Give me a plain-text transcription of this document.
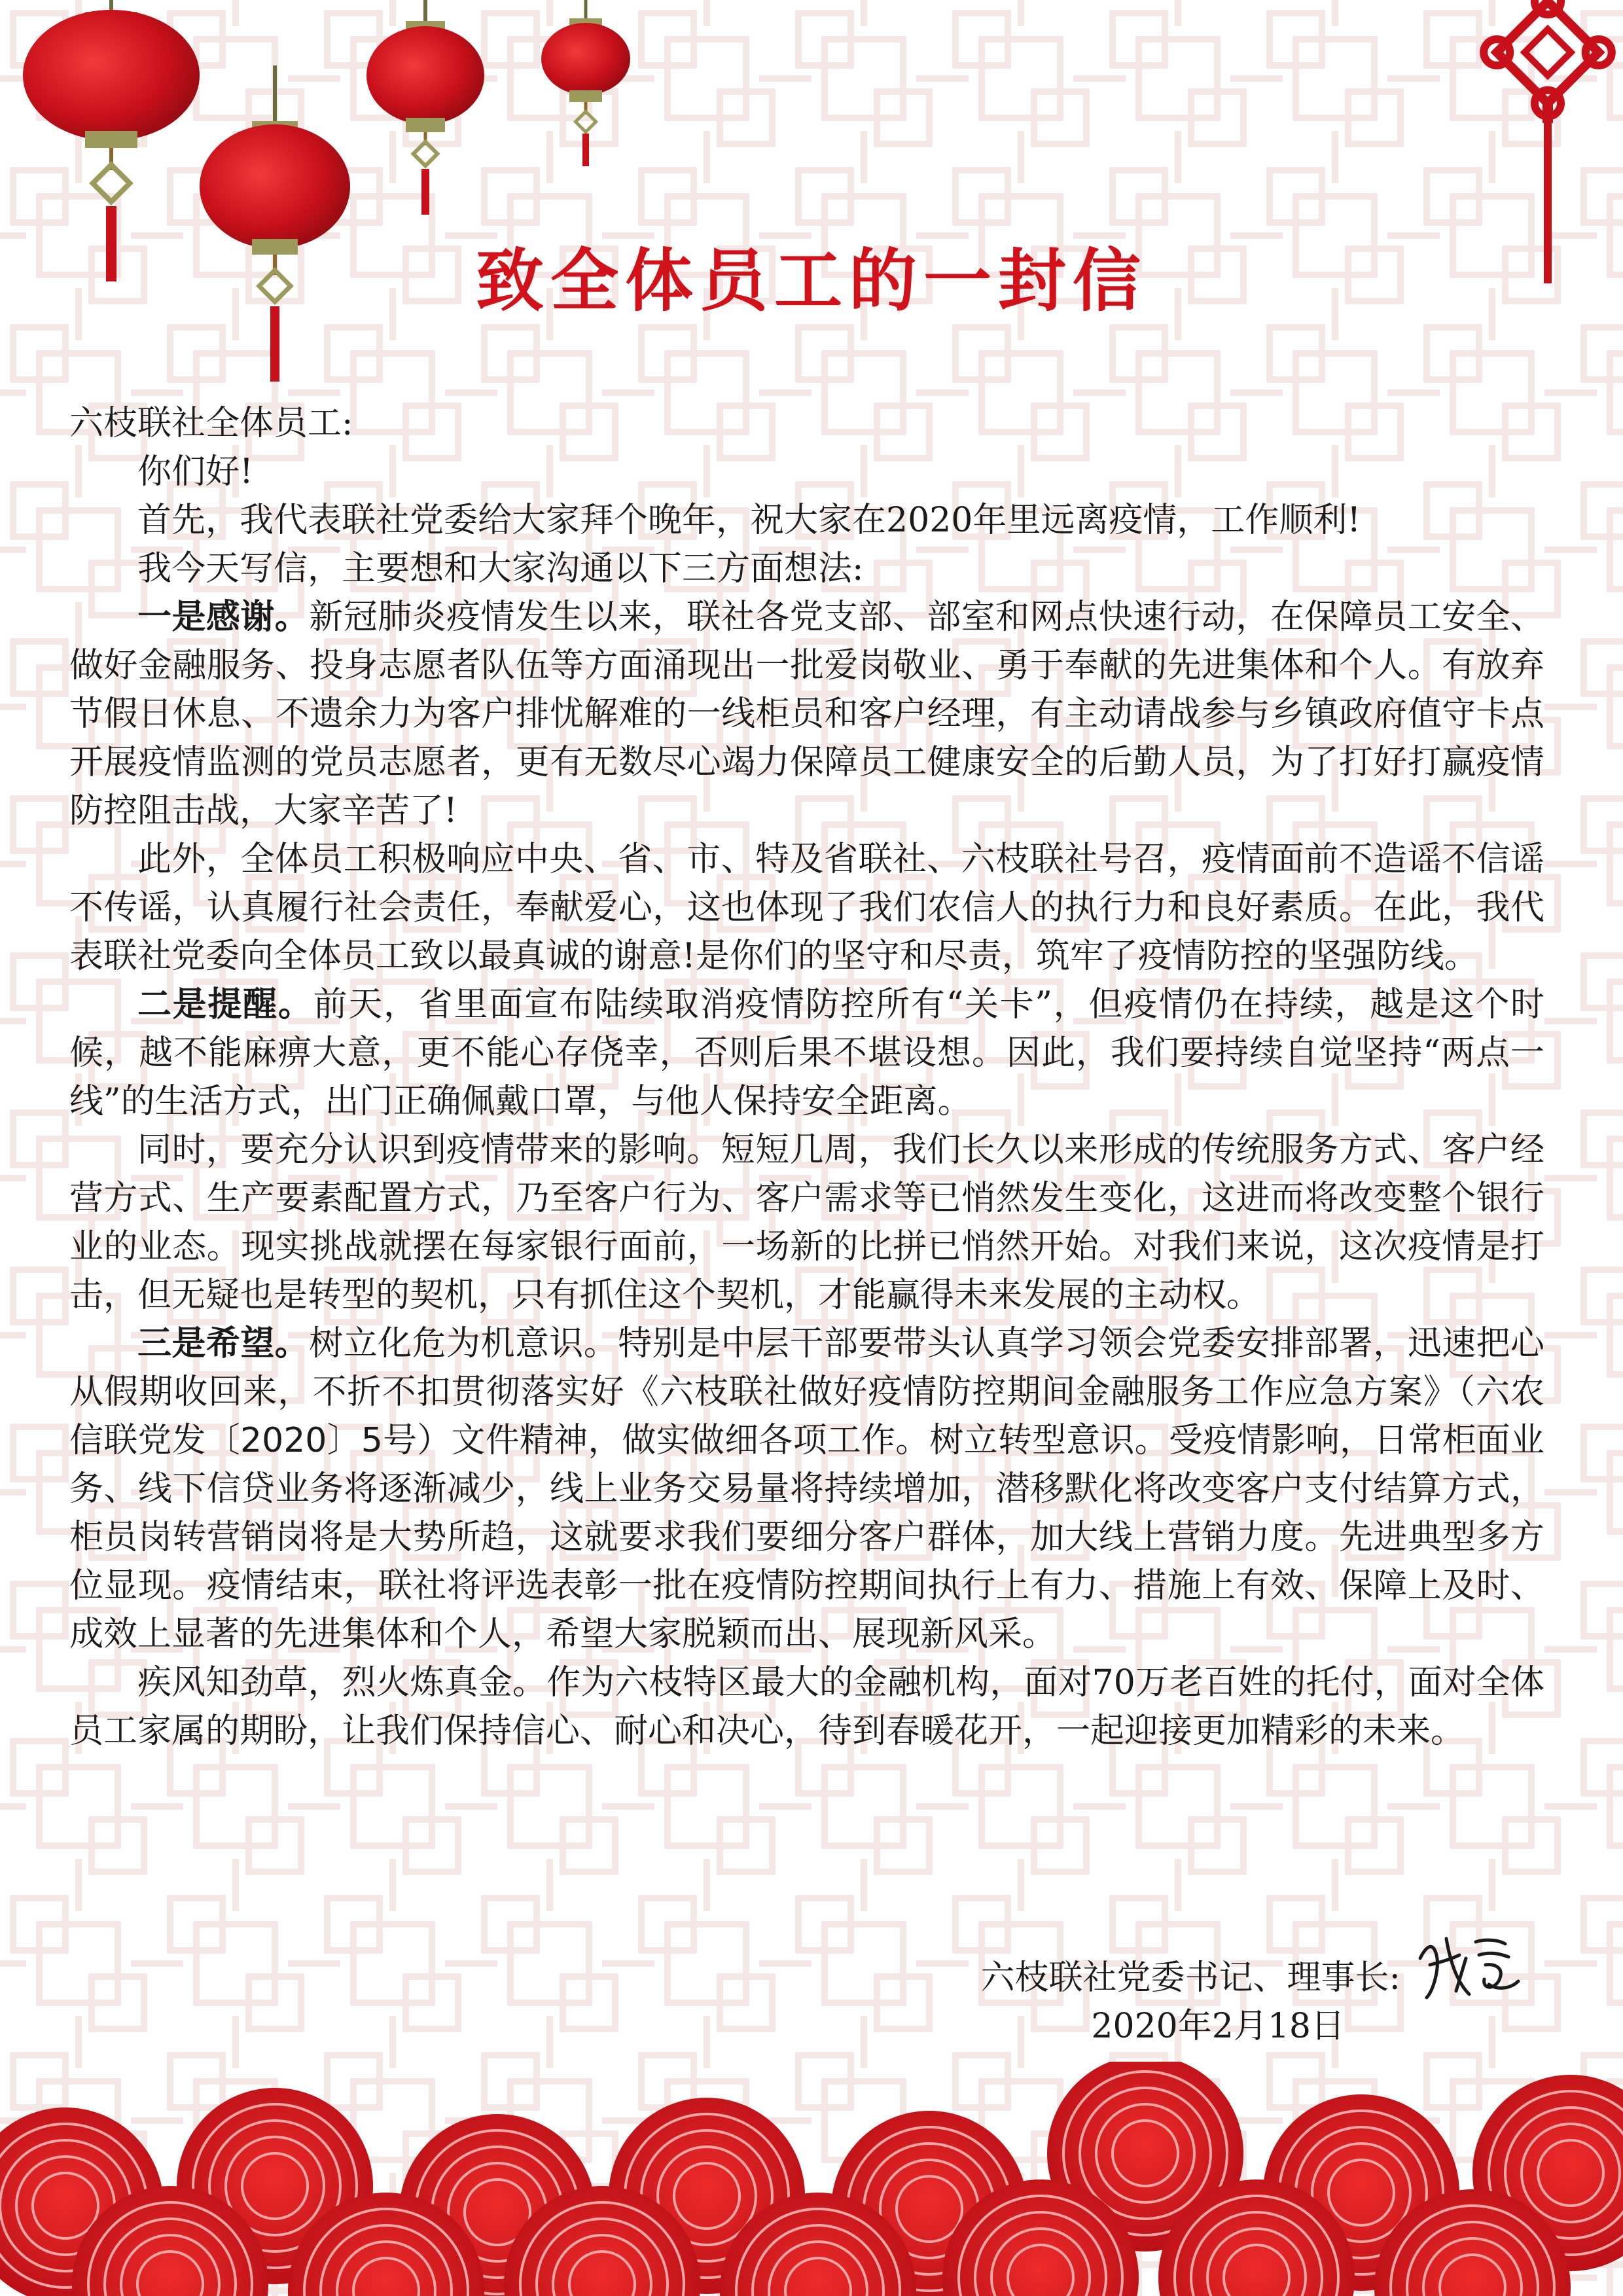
致全体员工的一封信

六枝联社全体员工:

你们好!

首先，我代表联社党委给大家拜个晚年，祝大家在2020年里远离疫情，工作顺利!

我今天写信，主要想和大家沟通以下三方面想法:

一是感谢。新冠肺炎疫情发生以来，联社各党支部、部室和网点快速行动，在保障员工安全、做好金融服务、投身志愿者队伍等方面涌现出一批爱岗敬业、勇于奉献的先进集体和个人。有放弃节假日休息、不遗余力为客户排忧解难的一线柜员和客户经理，有主动请战参与乡镇政府值守卡点开展疫情监测的党员志愿者，更有无数尽心竭力保障员工健康安全的后勤人员，为了打好打赢疫情防控阻击战，大家辛苦了!

此外，全体员工积极响应中央、省、市、特及省联社、六枝联社号召，疫情面前不造谣不信谣不传谣，认真履行社会责任，奉献爱心，这也体现了我们农信人的执行力和良好素质。在此，我代表联社党委向全体员工致以最真诚的谢意!是你们的坚守和尽责，筑牢了疫情防控的坚强防线。

二是提醒。前天，省里面宣布陆续取消疫情防控所有“关卡”，但疫情仍在持续，越是这个时候，越不能麻痹大意，更不能心存侥幸，否则后果不堪设想。因此，我们要持续自觉坚持“两点一线”的生活方式，出门正确佩戴口罩，与他人保持安全距离。

同时，要充分认识到疫情带来的影响。短短几周，我们长久以来形成的传统服务方式、客户经营方式、生产要素配置方式，乃至客户行为、客户需求等已悄然发生变化，这进而将改变整个银行业的业态。现实挑战就摆在每家银行面前，一场新的比拼已悄然开始。对我们来说，这次疫情是打击，但无疑也是转型的契机，只有抓住这个契机，才能赢得未来发展的主动权。

三是希望。树立化危为机意识。特别是中层干部要带头认真学习领会党委安排部署，迅速把心从假期收回来，不折不扣贯彻落实好《六枝联社做好疫情防控期间金融服务工作应急方案》（六农信联党发〔2020〕5号）文件精神，做实做细各项工作。树立转型意识。受疫情影响，日常柜面业务、线下信贷业务将逐渐减少，线上业务交易量将持续增加，潜移默化将改变客户支付结算方式，柜员岗转营销岗将是大势所趋，这就要求我们要细分客户群体，加大线上营销力度。先进典型多方位显现。疫情结束，联社将评选表彰一批在疫情防控期间执行上有力、措施上有效、保障上及时、成效上显著的先进集体和个人，希望大家脱颖而出、展现新风采。

疾风知劲草，烈火炼真金。作为六枝特区最大的金融机构，面对70万老百姓的托付，面对全体员工家属的期盼，让我们保持信心、耐心和决心，待到春暖花开，一起迎接更加精彩的未来。

六枝联社党委书记、理事长:
2020年2月18日
